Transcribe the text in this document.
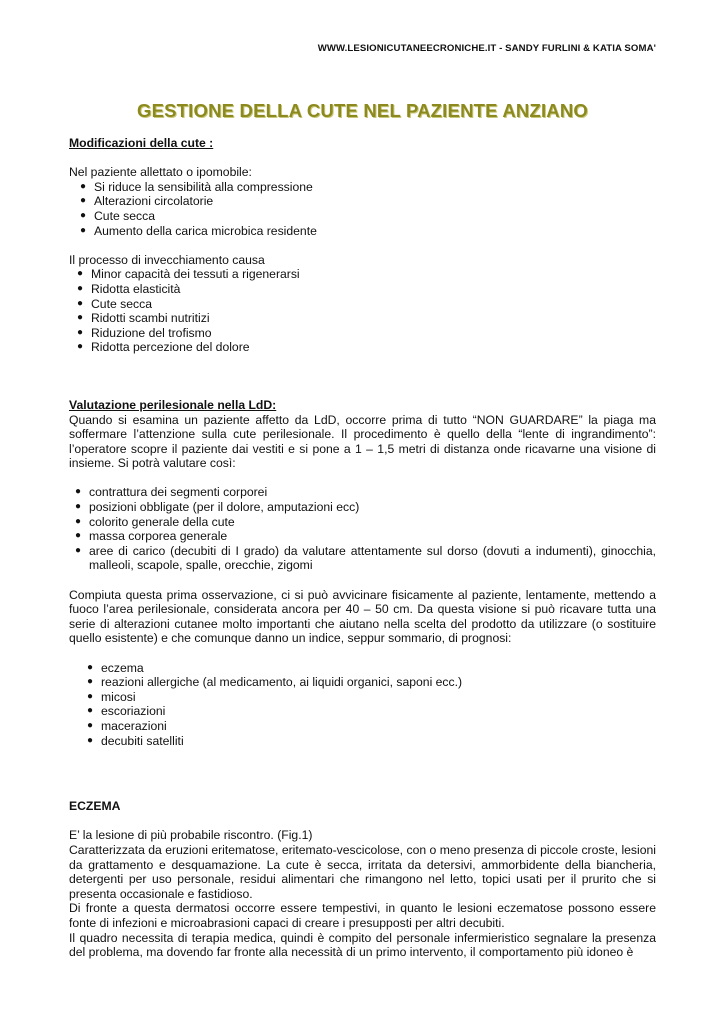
WWW.LESIONICUTANEECRONICHE.IT - SANDY FURLINI & KATIA SOMA'
GESTIONE DELLA CUTE NEL PAZIENTE ANZIANO

Modificazioni della cute :

Nel paziente allettato o ipomobile:

● Si riduce la sensibilità alla compressione
● Alterazioni circolatorie
● Cute secca
● Aumento della carica microbica residente

Il processo di invecchiamento causa

● Minor capacità dei tessuti a rigenerarsi
● Ridotta elasticità
● Cute secca
● Ridotti scambi nutritizi
● Riduzione del trofismo
● Ridotta percezione del dolore

Valutazione perilesionale nella LdD:

Quando si esamina un paziente affetto da LdD, occorre prima di tutto “NON GUARDARE” la piaga ma soffermare l’attenzione sulla cute perilesionale. Il procedimento è quello della “lente di ingrandimento”: l’operatore scopre il paziente dai vestiti e si pone a 1 – 1,5 metri di distanza onde ricavarne una visione di insieme. Si potrà valutare così:

● contrattura dei segmenti corporei
● posizioni obbligate (per il dolore, amputazioni ecc)
● colorito generale della cute
● massa corporea generale
● aree di carico (decubiti di I grado) da valutare attentamente sul dorso (dovuti a indumenti), ginocchia, malleoli, scapole, spalle, orecchie, zigomi

Compiuta questa prima osservazione, ci si può avvicinare fisicamente al paziente, lentamente, mettendo a fuoco l’area perilesionale, considerata ancora per 40 – 50 cm. Da questa visione si può ricavare tutta una serie di alterazioni cutanee molto importanti che aiutano nella scelta del prodotto da utilizzare (o sostituire quello esistente) e che comunque danno un indice, seppur sommario, di prognosi:

● eczema
● reazioni allergiche (al medicamento, ai liquidi organici, saponi ecc.)
● micosi
● escoriazioni
● macerazioni
● decubiti satelliti

ECZEMA

E’ la lesione di più probabile riscontro. (Fig.1)

Caratterizzata da eruzioni eritematose, eritemato-vescicolose, con o meno presenza di piccole croste, lesioni da grattamento e desquamazione. La cute è secca, irritata da detersivi, ammorbidente della biancheria, detergenti per uso personale, residui alimentari che rimangono nel letto, topici usati per il prurito che si presenta occasionale e fastidioso.

Di fronte a questa dermatosi occorre essere tempestivi, in quanto le lesioni eczematose possono essere fonte di infezioni e microabrasioni capaci di creare i presupposti per altri decubiti.

Il quadro necessita di terapia medica, quindi è compito del personale infermieristico segnalare la presenza del problema, ma dovendo far fronte alla necessità di un primo intervento, il comportamento più idoneo è
